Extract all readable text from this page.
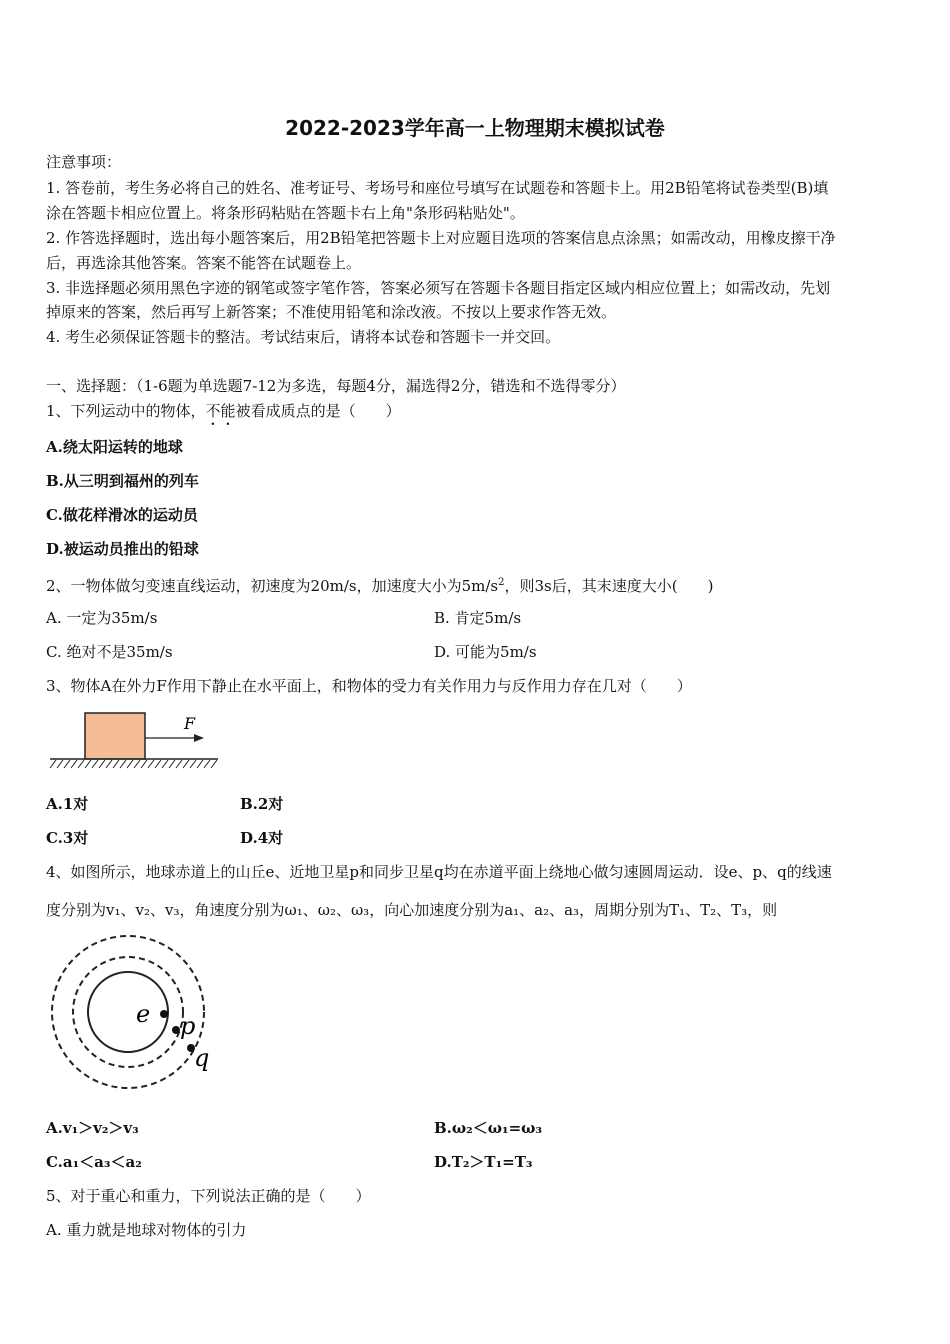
2022-2023学年高一上物理期末模拟试卷
注意事项：
1. 答卷前，考生务必将自己的姓名、准考证号、考场号和座位号填写在试题卷和答题卡上。用2B铅笔将试卷类型(B)填
涂在答题卡相应位置上。将条形码粘贴在答题卡右上角"条形码粘贴处"。
2. 作答选择题时，选出每小题答案后，用2B铅笔把答题卡上对应题目选项的答案信息点涂黑；如需改动，用橡皮擦干净
后，再选涂其他答案。答案不能答在试题卷上。
3. 非选择题必须用黑色字迹的钢笔或签字笔作答，答案必须写在答题卡各题目指定区域内相应位置上；如需改动，先划
掉原来的答案，然后再写上新答案；不准使用铅笔和涂改液。不按以上要求作答无效。
4. 考生必须保证答题卡的整洁。考试结束后，请将本试卷和答题卡一并交回。
一、选择题：（1-6题为单选题7-12为多选，每题4分，漏选得2分，错选和不选得零分）
1、下列运动中的物体，不能被看成质点的是（　　）
A.绕太阳运转的地球
B.从三明到福州的列车
C.做花样滑冰的运动员
D.被运动员推出的铅球
2、一物体做匀变速直线运动，初速度为20m/s，加速度大小为$5m/s^2$，则3s后，其末速度大小(　　)
A. 一定为35m/s	B. 肯定5m/s
C. 绝对不是35m/s	D. 可能为5m/s
3、物体A在外力F作用下静止在水平面上，和物体的受力有关作用力与反作用力存在几对（　　）
F
A.1对	B.2对
C.3对	D.4对
4、如图所示，地球赤道上的山丘e、近地卫星p和同步卫星q均在赤道平面上绕地心做匀速圆周运动．设e、p、q的线速
度分别为v₁、v₂、v₃，角速度分别为ω₁、ω₂、ω₃，向心加速度分别为a₁、a₂、a₃，周期分别为T₁、T₂、T₃，则
e p
q
A.v₁＞v₂＞v₃	B.ω₂＜ω₁=ω₃
C.a₁＜a₃＜a₂	D.T₂＞T₁=T₃
5、对于重心和重力，下列说法正确的是（　　）
A. 重力就是地球对物体的引力
